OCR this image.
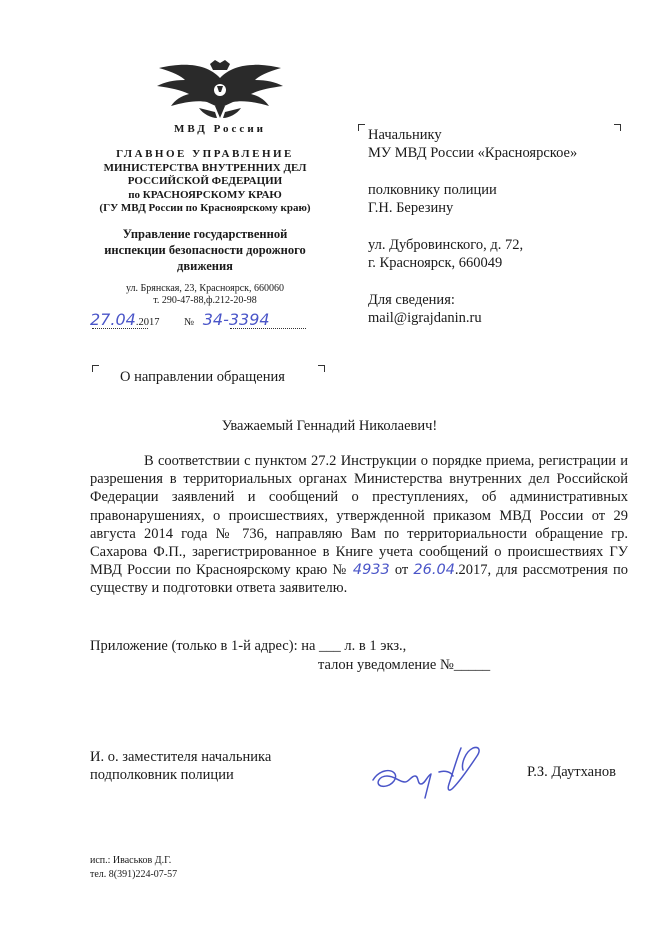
МВД России
ГЛАВНОЕ УПРАВЛЕНИЕ
МИНИСТЕРСТВА ВНУТРЕННИХ ДЕЛ
РОССИЙСКОЙ ФЕДЕРАЦИИ
по КРАСНОЯРСКОМУ КРАЮ
(ГУ МВД России по Красноярскому краю)
Управление государственной
инспекции безопасности дорожного
движения
ул. Брянская, 23, Красноярск, 660060
т. 290-47-88,ф.212-20-98
27.04.2017 № 34-3394
Начальнику
МУ МВД России «Красноярское»
полковнику полиции
Г.Н. Березину
ул. Дубровинского, д. 72,
г. Красноярск, 660049
Для сведения:
mail@igrajdanin.ru
О направлении обращения
Уважаемый Геннадий Николаевич!
В соответствии с пунктом 27.2 Инструкции о порядке приема, регистрации и разрешения в территориальных органах Министерства внутренних дел Российской Федерации заявлений и сообщений о преступлениях, об административных правонарушениях, о происшествиях, утвержденной приказом МВД России от 29 августа 2014 года № 736, направляю Вам по территориальности обращение гр. Сахарова Ф.П., зарегистрированное в Книге учета сообщений о происшествиях ГУ МВД России по Красноярскому краю № 4933 от 26.04.2017, для рассмотрения по существу и подготовки ответа заявителю.
Приложение (только в 1-й адрес): на ___ л. в 1 экз.,
талон уведомление №_____
И. о. заместителя начальника
подполковник полиции	Р.З. Даутханов
исп.: Иваськов Д.Г.
тел. 8(391)224-07-57
